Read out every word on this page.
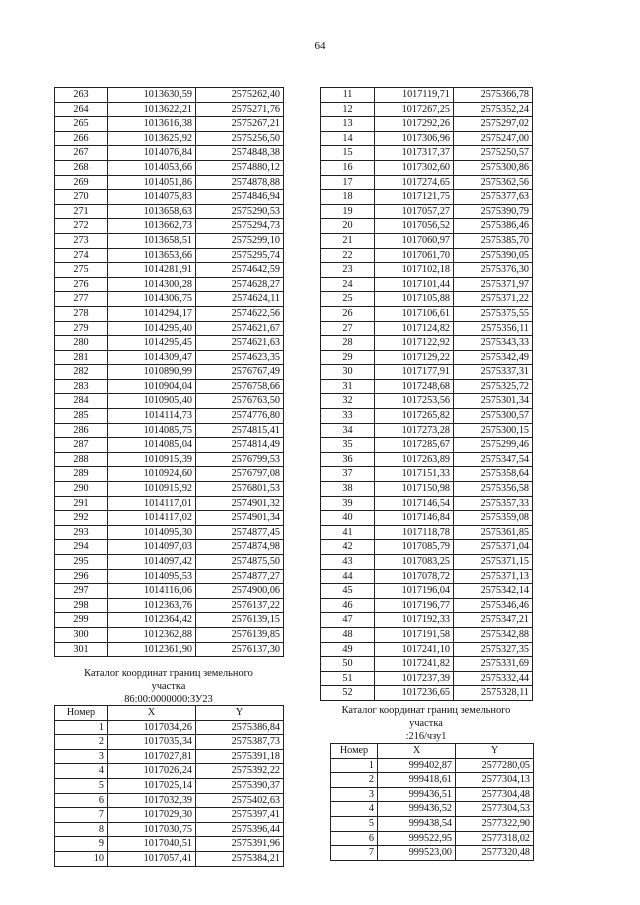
64
263	1013630,59	2575262,40
264	1013622,21	2575271,76
265	1013616,38	2575267,21
266	1013625,92	2575256,50
267	1014076,84	2574848,38
268	1014053,66	2574880,12
269	1014051,86	2574878,88
270	1014075,83	2574846,94
271	1013658,63	2575290,53
272	1013662,73	2575294,73
273	1013658,51	2575299,10
274	1013653,66	2575295,74
275	1014281,91	2574642,59
276	1014300,28	2574628,27
277	1014306,75	2574624,11
278	1014294,17	2574622,56
279	1014295,40	2574621,67
280	1014295,45	2574621,63
281	1014309,47	2574623,35
282	1010890,99	2576767,49
283	1010904,04	2576758,66
284	1010905,40	2576763,50
285	1014114,73	2574776,80
286	1014085,75	2574815,41
287	1014085,04	2574814,49
288	1010915,39	2576799,53
289	1010924,60	2576797,08
290	1010915,92	2576801,53
291	1014117,01	2574901,32
292	1014117,02	2574901,34
293	1014095,30	2574877,45
294	1014097,03	2574874,98
295	1014097,42	2574875,50
296	1014095,53	2574877,27
297	1014116,06	2574900,06
298	1012363,76	2576137,22
299	1012364,42	2576139,15
300	1012362,88	2576139,85
301	1012361,90	2576137,30
Каталог координат границ земельного
участка
86:00:0000000:ЗУ23
Номер	X	Y
1	1017034,26	2575386,84
2	1017035,34	2575387,73
3	1017027,81	2575391,18
4	1017026,24	2575392,22
5	1017025,14	2575390,37
6	1017032,39	2575402,63
7	1017029,30	2575397,41
8	1017030,75	2575396,44
9	1017040,51	2575391,96
10	1017057,41	2575384,21
11	1017119,71	2575366,78
12	1017267,25	2575352,24
13	1017292,26	2575297,02
14	1017306,96	2575247,00
15	1017317,37	2575250,57
16	1017302,60	2575300,86
17	1017274,65	2575362,56
18	1017121,75	2575377,63
19	1017057,27	2575390,79
20	1017056,52	2575386,46
21	1017060,97	2575385,70
22	1017061,70	2575390,05
23	1017102,18	2575376,30
24	1017101,44	2575371,97
25	1017105,88	2575371,22
26	1017106,61	2575375,55
27	1017124,82	2575356,11
28	1017122,92	2575343,33
29	1017129,22	2575342,49
30	1017177,91	2575337,31
31	1017248,68	2575325,72
32	1017253,56	2575301,34
33	1017265,82	2575300,57
34	1017273,28	2575300,15
35	1017285,67	2575299,46
36	1017263,89	2575347,54
37	1017151,33	2575358,64
38	1017150,98	2575356,58
39	1017146,54	2575357,33
40	1017146,84	2575359,08
41	1017118,78	2575361,85
42	1017085,79	2575371,04
43	1017083,25	2575371,15
44	1017078,72	2575371,13
45	1017196,04	2575342,14
46	1017196,77	2575346,46
47	1017192,33	2575347,21
48	1017191,58	2575342,88
49	1017241,10	2575327,35
50	1017241,82	2575331,69
51	1017237,39	2575332,44
52	1017236,65	2575328,11
Каталог координат границ земельного
участка
:216/чзу1
Номер	X	Y
1	999402,87	2577280,05
2	999418,61	2577304,13
3	999436,51	2577304,48
4	999436,52	2577304,53
5	999438,54	2577322,90
6	999522,95	2577318,02
7	999523,00	2577320,48
